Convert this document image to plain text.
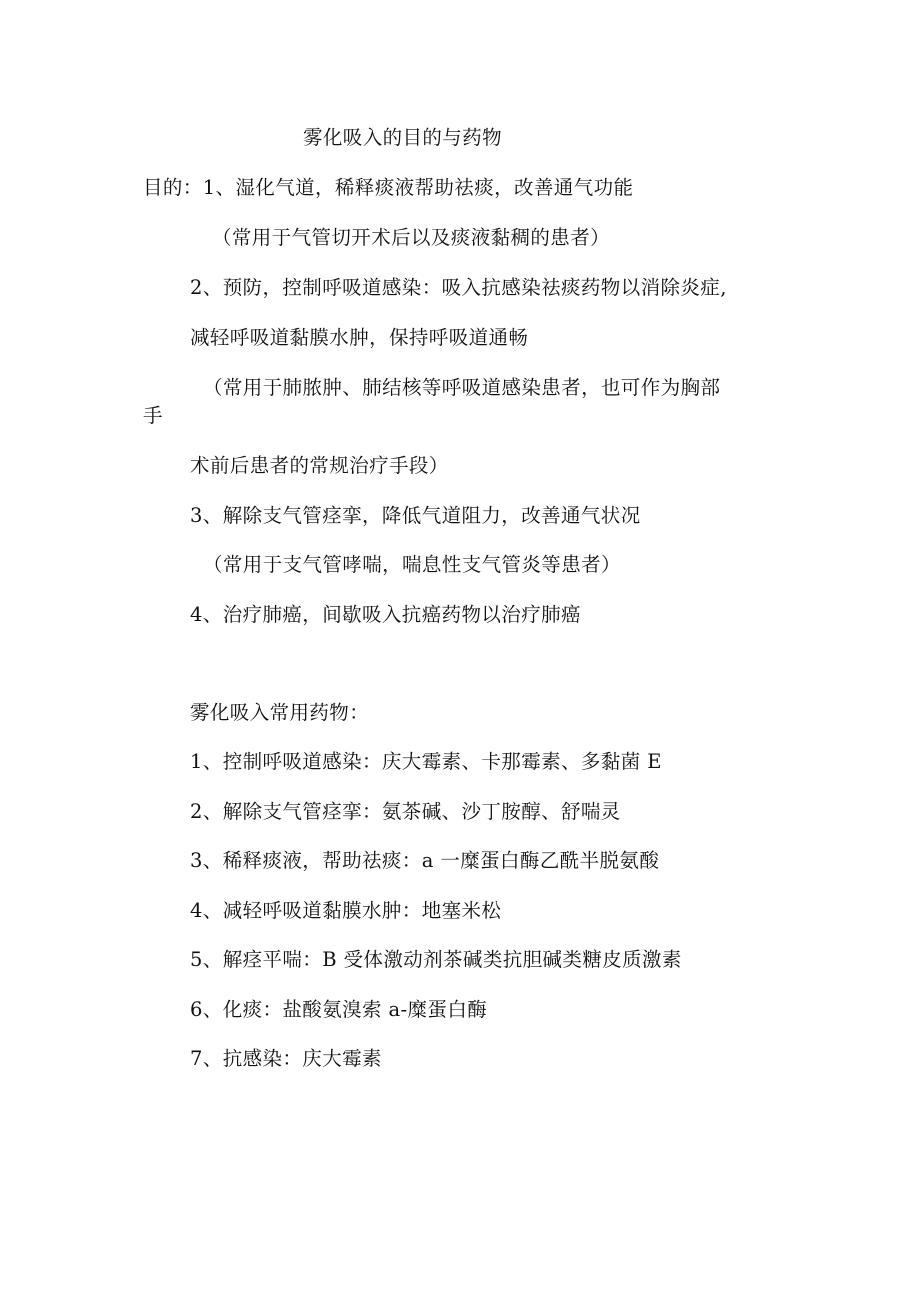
雾化吸入的目的与药物
目的：1、湿化气道，稀释痰液帮助祛痰，改善通气功能
（常用于气管切开术后以及痰液黏稠的患者）
2、预防，控制呼吸道感染：吸入抗感染祛痰药物以消除炎症,
减轻呼吸道黏膜水肿，保持呼吸道通畅
（常用于肺脓肿、肺结核等呼吸道感染患者，也可作为胸部
手
术前后患者的常规治疗手段）
3、解除支气管痉挛，降低气道阻力，改善通气状况
（常用于支气管哮喘，喘息性支气管炎等患者）
4、治疗肺癌，间歇吸入抗癌药物以治疗肺癌
雾化吸入常用药物：
1、控制呼吸道感染：庆大霉素、卡那霉素、多黏菌 E
2、解除支气管痉挛：氨茶碱、沙丁胺醇、舒喘灵
3、稀释痰液，帮助祛痰：a 一糜蛋白酶乙酰半脱氨酸
4、减轻呼吸道黏膜水肿：地塞米松
5、解痉平喘：B 受体激动剂茶碱类抗胆碱类糖皮质激素
6、化痰：盐酸氨溴索 a-糜蛋白酶
7、抗感染：庆大霉素
